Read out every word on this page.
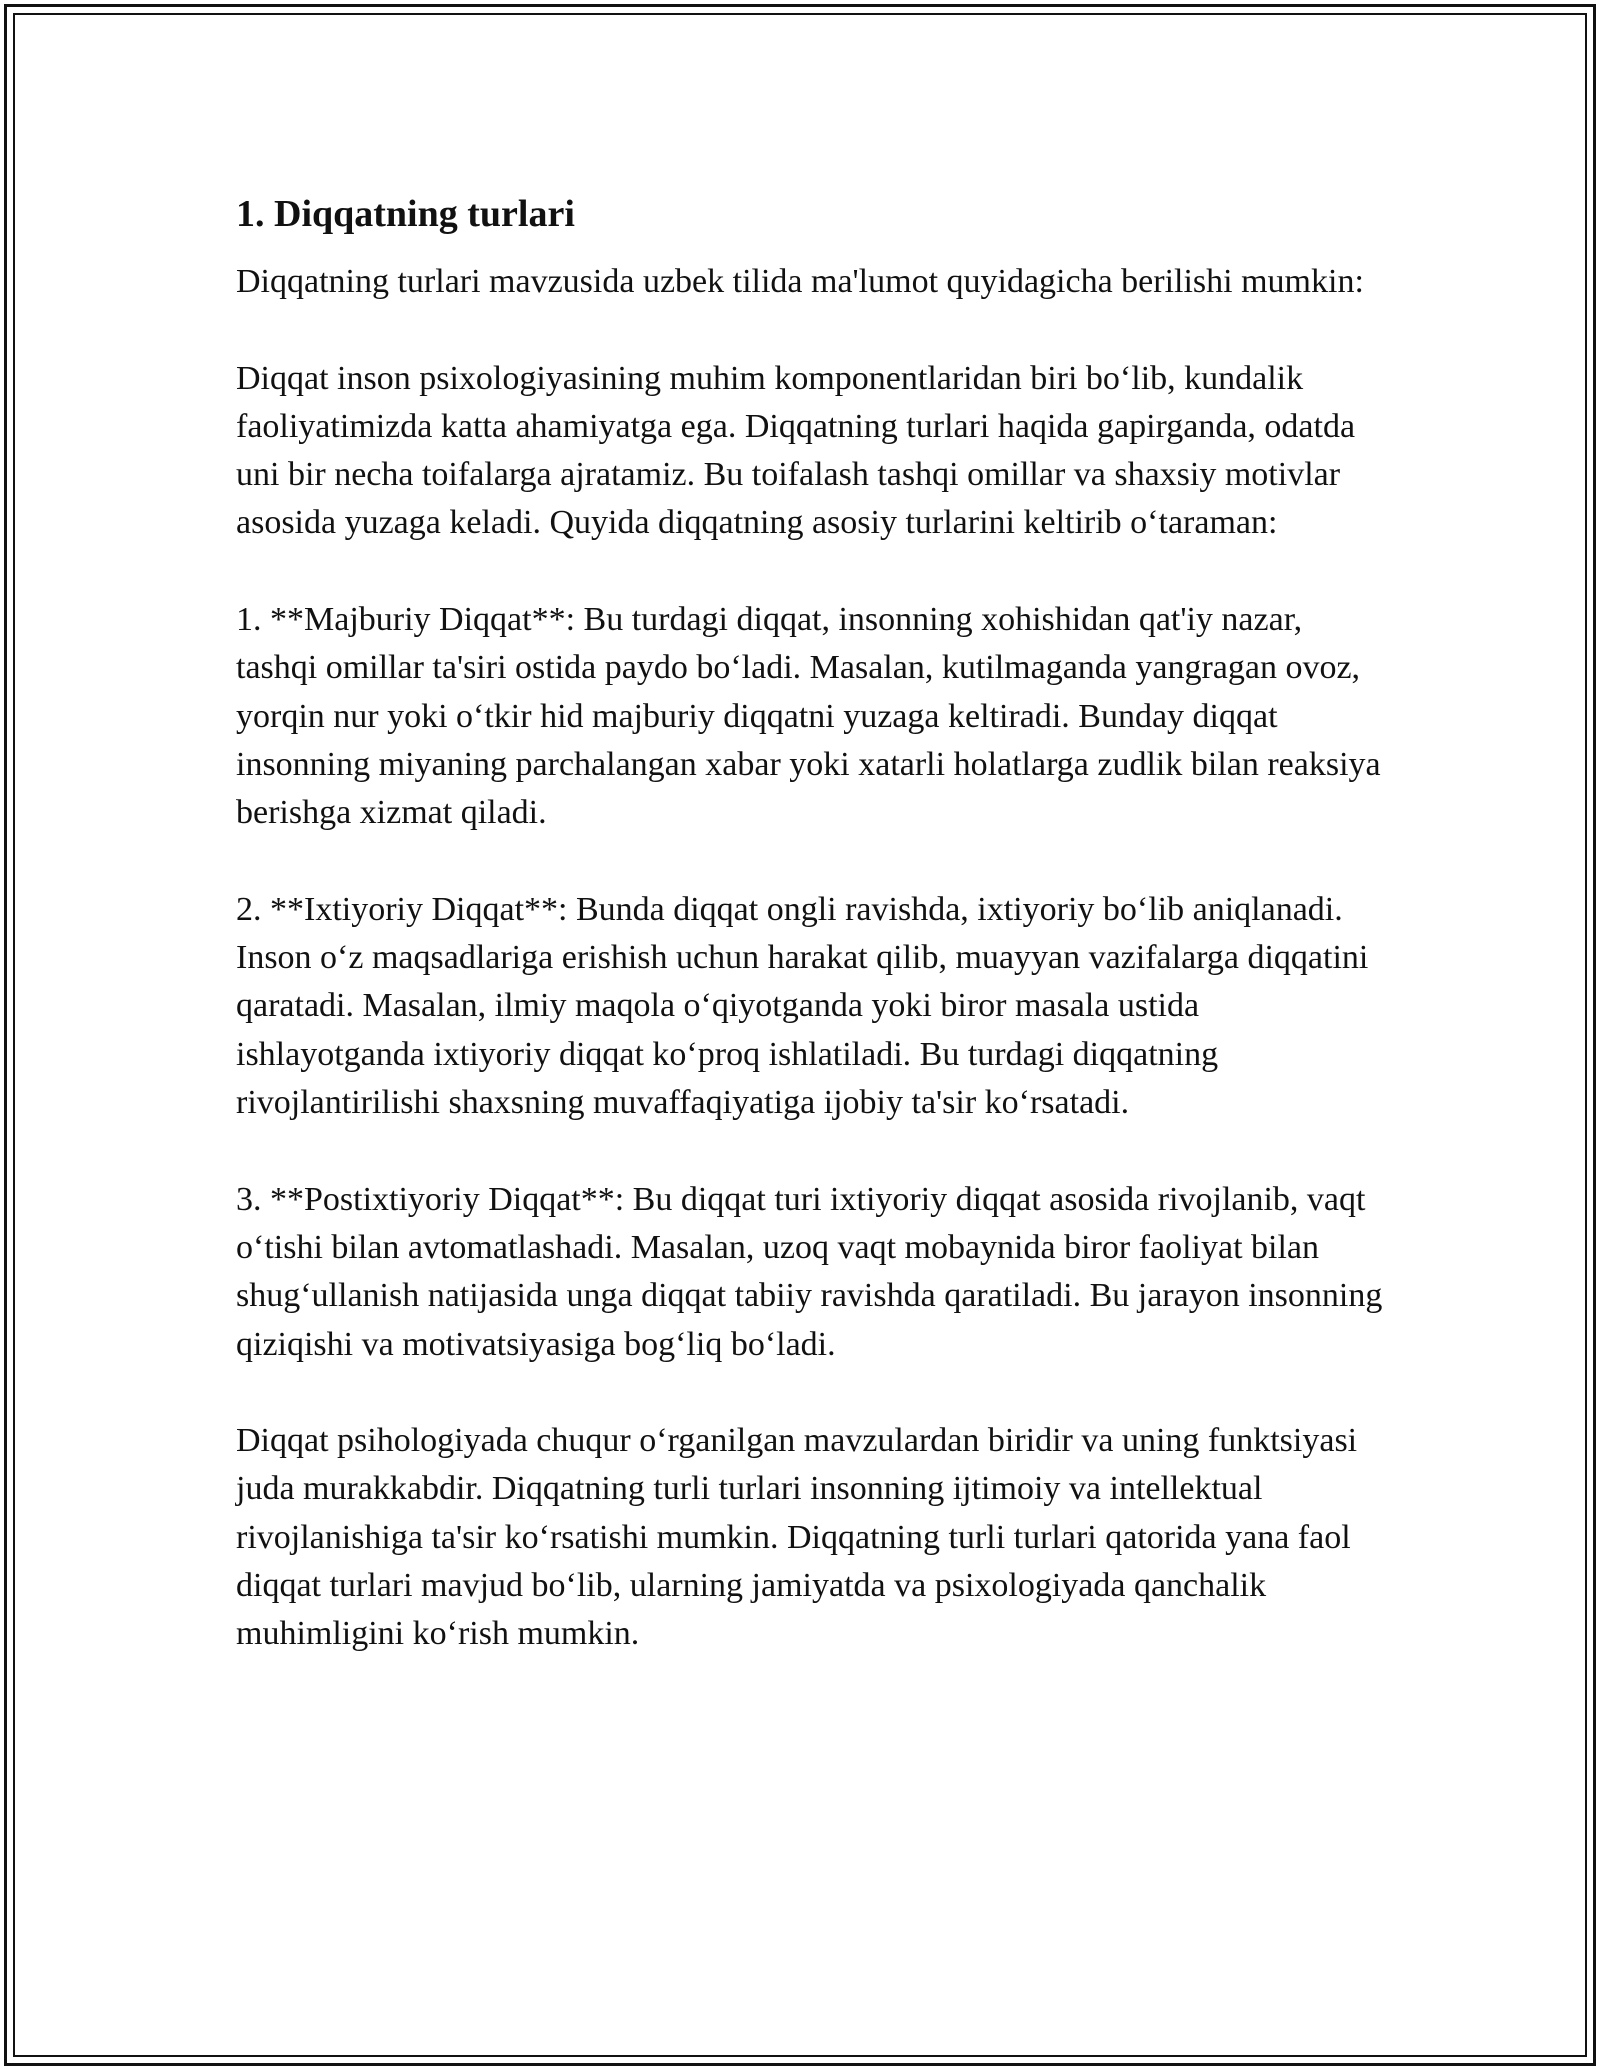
1. Diqqatning turlari

Diqqatning turlari mavzusida uzbek tilida ma'lumot quyidagicha berilishi mumkin:

Diqqat inson psixologiyasining muhim komponentlaridan biri bo‘lib, kundalik faoliyatimizda katta ahamiyatga ega. Diqqatning turlari haqida gapirganda, odatda uni bir necha toifalarga ajratamiz. Bu toifalash tashqi omillar va shaxsiy motivlar asosida yuzaga keladi. Quyida diqqatning asosiy turlarini keltirib o‘taraman:

1. **Majburiy Diqqat**: Bu turdagi diqqat, insonning xohishidan qat'iy nazar, tashqi omillar ta'siri ostida paydo bo‘ladi. Masalan, kutilmaganda yangragan ovoz, yorqin nur yoki o‘tkir hid majburiy diqqatni yuzaga keltiradi. Bunday diqqat insonning miyaning parchalangan xabar yoki xatarli holatlarga zudlik bilan reaksiya berishga xizmat qiladi.

2. **Ixtiyoriy Diqqat**: Bunda diqqat ongli ravishda, ixtiyoriy bo‘lib aniqlanadi. Inson o‘z maqsadlariga erishish uchun harakat qilib, muayyan vazifalarga diqqatini qaratadi. Masalan, ilmiy maqola o‘qiyotganda yoki biror masala ustida ishlayotganda ixtiyoriy diqqat ko‘proq ishlatiladi. Bu turdagi diqqatning rivojlantirilishi shaxsning muvaffaqiyatiga ijobiy ta'sir ko‘rsatadi.

3. **Postixtiyoriy Diqqat**: Bu diqqat turi ixtiyoriy diqqat asosida rivojlanib, vaqt o‘tishi bilan avtomatlashadi. Masalan, uzoq vaqt mobaynida biror faoliyat bilan shug‘ullanish natijasida unga diqqat tabiiy ravishda qaratiladi. Bu jarayon insonning qiziqishi va motivatsiyasiga bog‘liq bo‘ladi.

Diqqat psihologiyada chuqur o‘rganilgan mavzulardan biridir va uning funktsiyasi juda murakkabdir. Diqqatning turli turlari insonning ijtimoiy va intellektual rivojlanishiga ta'sir ko‘rsatishi mumkin. Diqqatning turli turlari qatorida yana faol diqqat turlari mavjud bo‘lib, ularning jamiyatda va psixologiyada qanchalik muhimligini ko‘rish mumkin.
